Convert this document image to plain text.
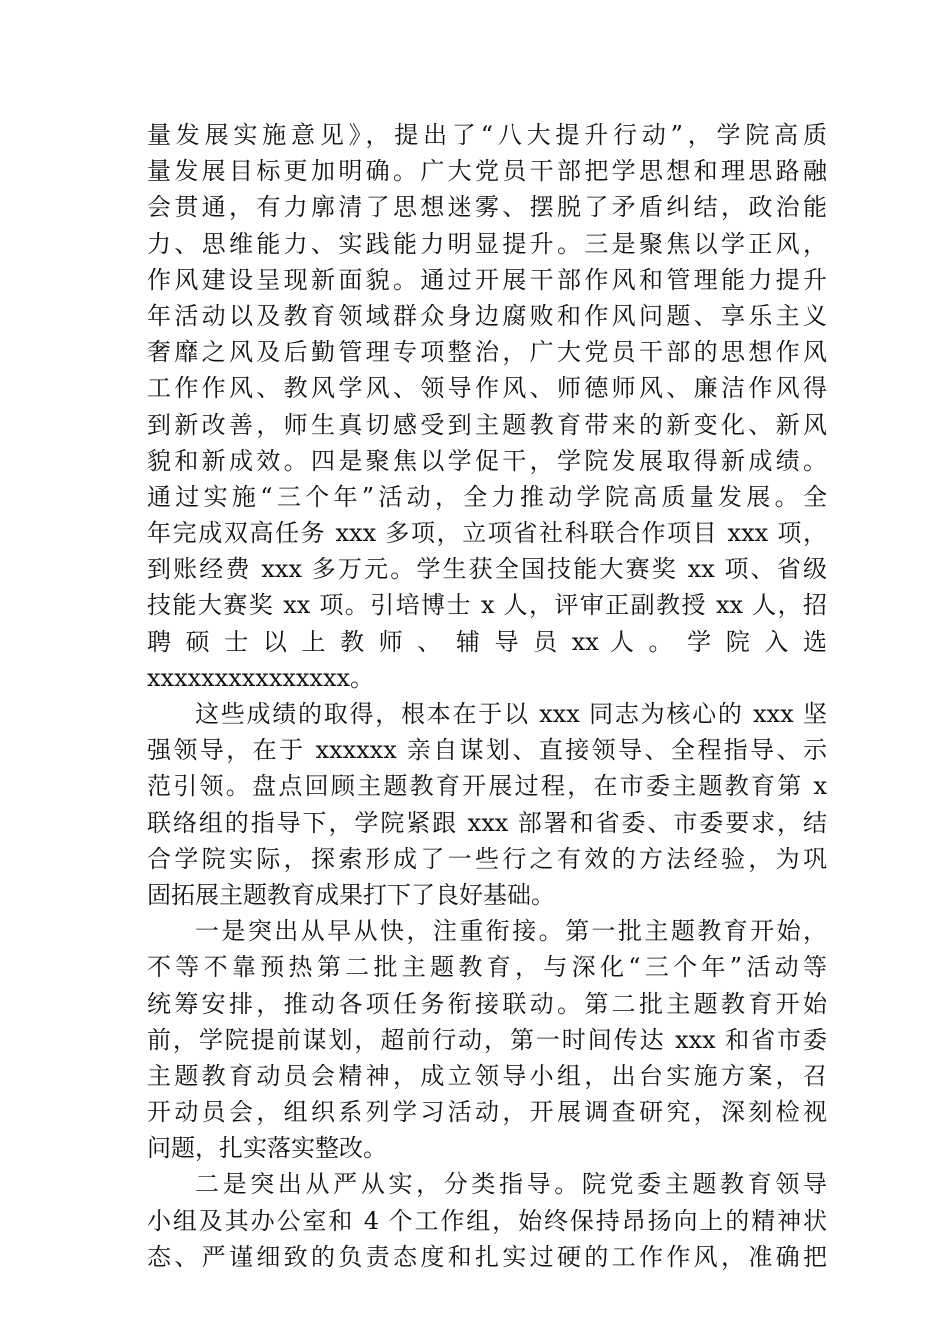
量发展实施意见》，提出了“八大提升行动”，学院高质
量发展目标更加明确。广大党员干部把学思想和理思路融
会贯通，有力廓清了思想迷雾、摆脱了矛盾纠结，政治能
力、思维能力、实践能力明显提升。三是聚焦以学正风，
作风建设呈现新面貌。通过开展干部作风和管理能力提升
年活动以及教育领域群众身边腐败和作风问题、享乐主义
奢靡之风及后勤管理专项整治，广大党员干部的思想作风
工作作风、教风学风、领导作风、师德师风、廉洁作风得
到新改善，师生真切感受到主题教育带来的新变化、新风
貌和新成效。四是聚焦以学促干，学院发展取得新成绩。
通过实施“三个年”活动，全力推动学院高质量发展。全
年完成双高任务 xxx 多项，立项省社科联合作项目 xxx 项，
到账经费 xxx 多万元。学生获全国技能大赛奖 xx 项、省级
技能大赛奖 xx 项。引培博士 x 人，评审正副教授 xx 人，招
聘 硕 士 以 上 教 师 、 辅 导 员 xx 人 。 学 院 入 选
xxxxxxxxxxxxxxx。
这些成绩的取得，根本在于以 xxx 同志为核心的 xxx 坚
强领导，在于 xxxxxx 亲自谋划、直接领导、全程指导、示
范引领。盘点回顾主题教育开展过程，在市委主题教育第 x
联络组的指导下，学院紧跟 xxx 部署和省委、市委要求，结
合学院实际，探索形成了一些行之有效的方法经验，为巩
固拓展主题教育成果打下了良好基础。
一是突出从早从快，注重衔接。第一批主题教育开始，
不等不靠预热第二批主题教育，与深化“三个年”活动等
统筹安排，推动各项任务衔接联动。第二批主题教育开始
前，学院提前谋划，超前行动，第一时间传达 xxx 和省市委
主题教育动员会精神，成立领导小组，出台实施方案，召
开动员会，组织系列学习活动，开展调查研究，深刻检视
问题，扎实落实整改。
二是突出从严从实，分类指导。院党委主题教育领导
小组及其办公室和 4 个工作组，始终保持昂扬向上的精神状
态、严谨细致的负责态度和扎实过硬的工作作风，准确把
